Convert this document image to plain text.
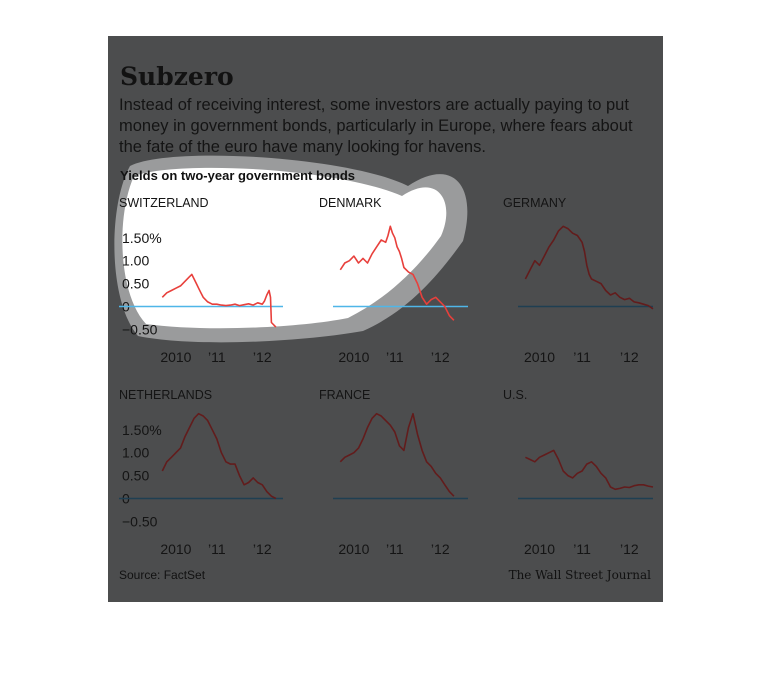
SWITZERLAND
1.50%
1.00
0.50
0
−0.50
2010 ’11 ’12
DENMARK
2010 ’11 ’12
GERMANY
2010 ’11 ’12
NETHERLANDS
1.50%
1.00
0.50
0
−0.50
2010 ’11 ’12
FRANCE
2010 ’11 ’12
U.S.
2010 ’11 ’12
Subzero
Instead of receiving interest, some investors are actually paying to put money in government bonds, particularly in Europe, where fears about the fate of the euro have many looking for havens.
Yields on two-year government bonds
Source: FactSet	The Wall Street Journal
